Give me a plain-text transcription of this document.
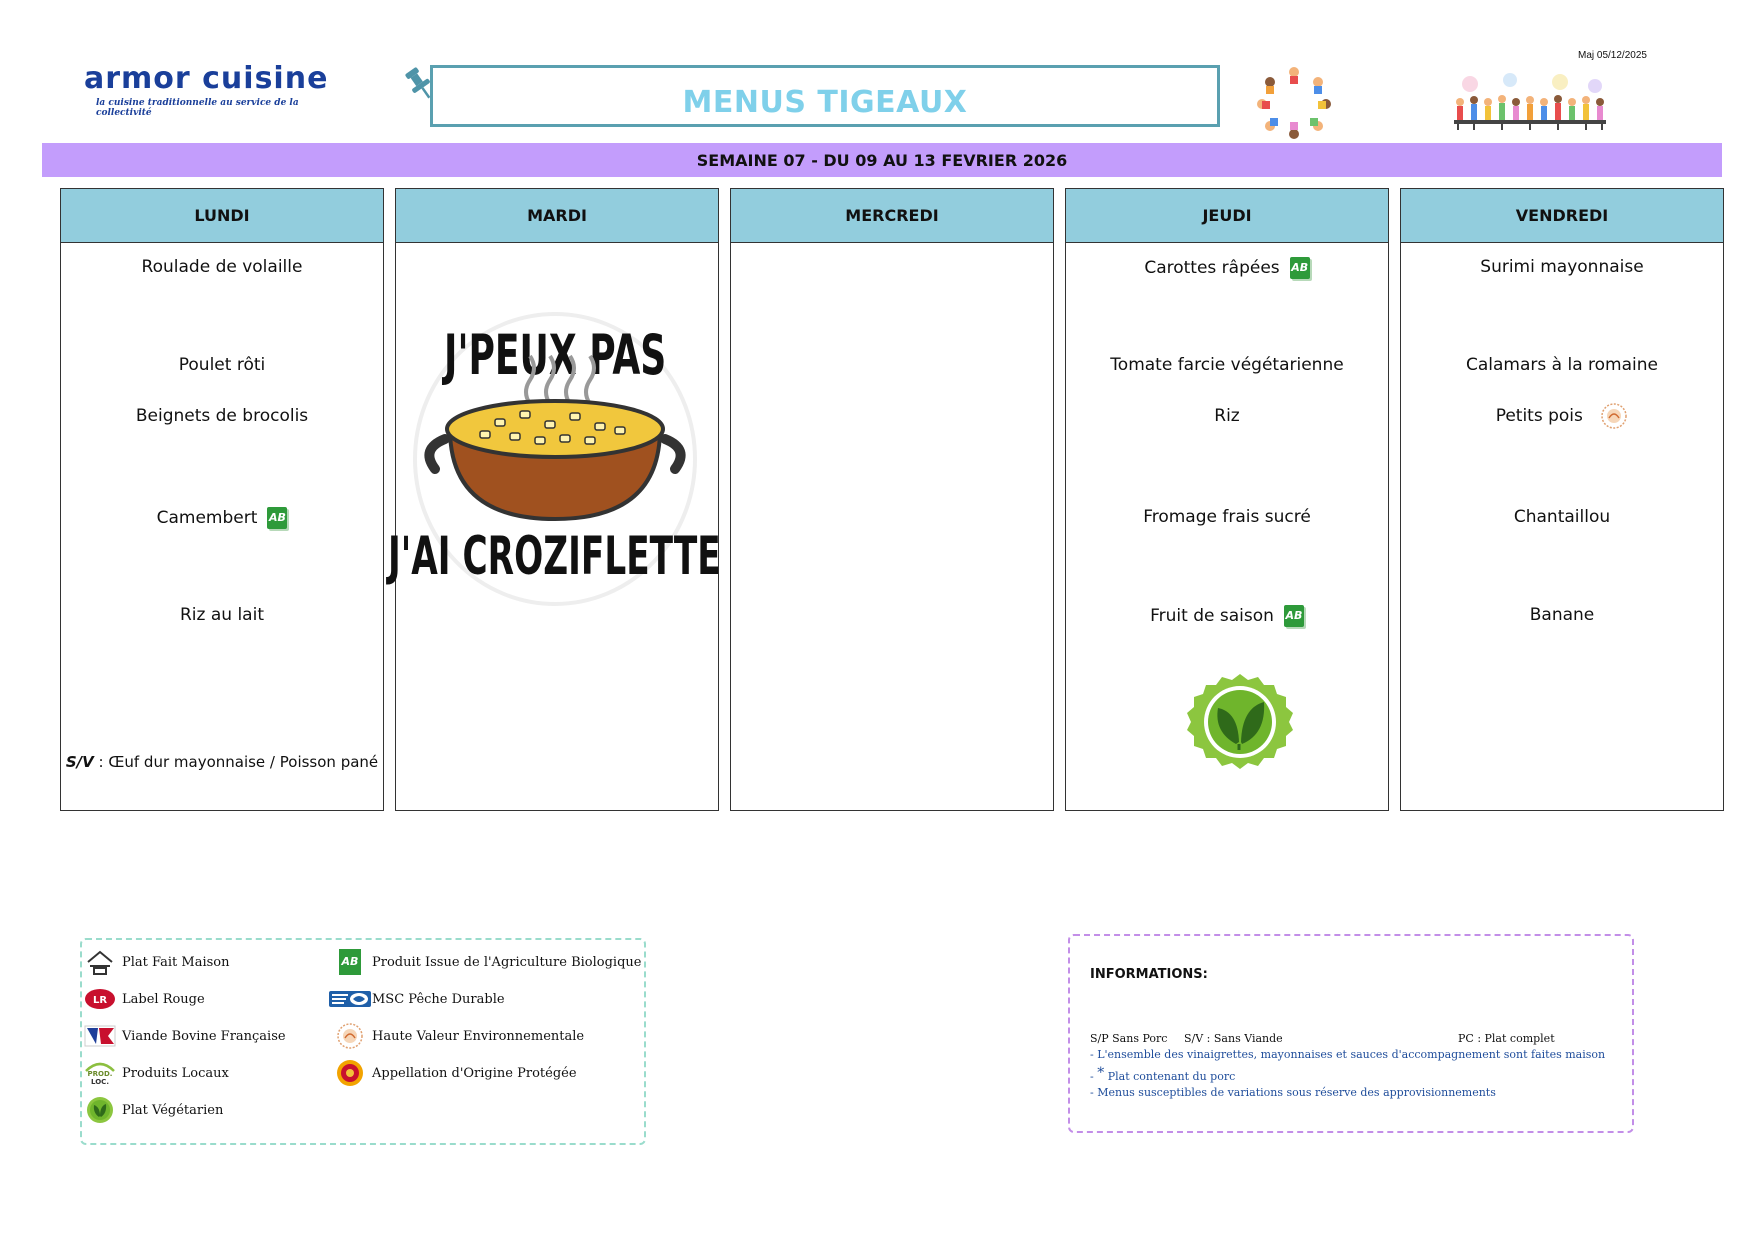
armor cuisine
la cuisine traditionnelle au service de la collectivité	MENUS TIGEAUX
Maj 05/12/2025
SEMAINE 07 - DU 09 AU 13 FEVRIER 2026
LUNDI
Roulade de volaille
Poulet rôti
Beignets de brocolis
Camembert AB
Riz au lait
S/V : Œuf dur mayonnaise / Poisson pané
MARDI
J'PEUX PAS
J'AI CROZIFLETTE
MERCREDI	JEUDI
Carottes râpées AB
Tomate farcie végétarienne
Riz
Fromage frais sucré
Fruit de saison AB
VENDREDI
Surimi mayonnaise
Calamars à la romaine
Petits pois
Chantaillou
Banane
Plat Fait Maison
LR Label Rouge
Viande Bovine Française
PROD.
LOC.
Produits Locaux
Plat Végétarien
AB Produit Issue de l'Agriculture Biologique
MSC Pêche Durable
Haute Valeur Environnementale
Appellation d'Origine Protégée
INFORMATIONS:
S/P Sans Porc S/V : Sans Viande	PC : Plat complet
- L'ensemble des vinaigrettes, mayonnaises et sauces d'accompagnement sont faites maison
- * Plat contenant du porc
- Menus susceptibles de variations sous réserve des approvisionnements
